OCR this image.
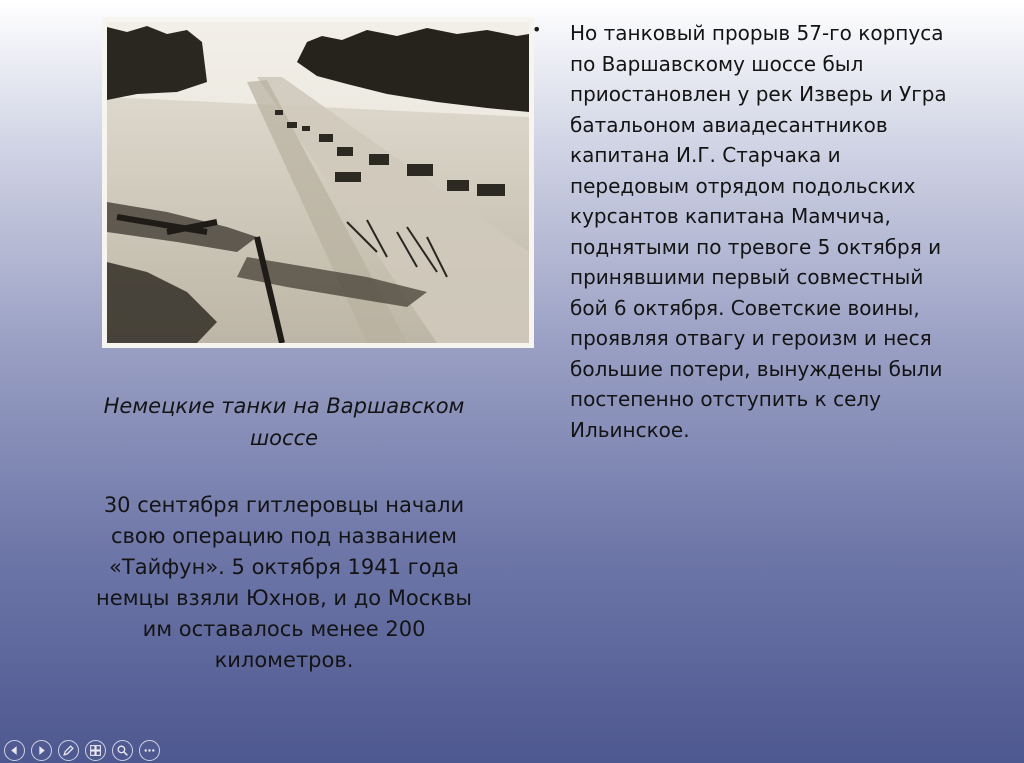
• Но танковый прорыв 57-го корпуса
по Варшавскому шоссе был
приостановлен у рек Изверь и Угра
батальоном авиадесантников
капитана И.Г. Старчака и
передовым отрядом подольских
курсантов капитана Мамчича,
поднятыми по тревоге 5 октября и
принявшими первый совместный
бой 6 октября. Советские воины,
проявляя отвагу и героизм и неся
большие потери, вынуждены были
постепенно отступить к селу
Ильинское.
Немецкие танки на Варшавском
шоссе
30 сентября гитлеровцы начали
свою операцию под названием
«Тайфун». 5 октября 1941 года
немцы взяли Юхнов, и до Москвы
им оставалось менее 200
километров.
